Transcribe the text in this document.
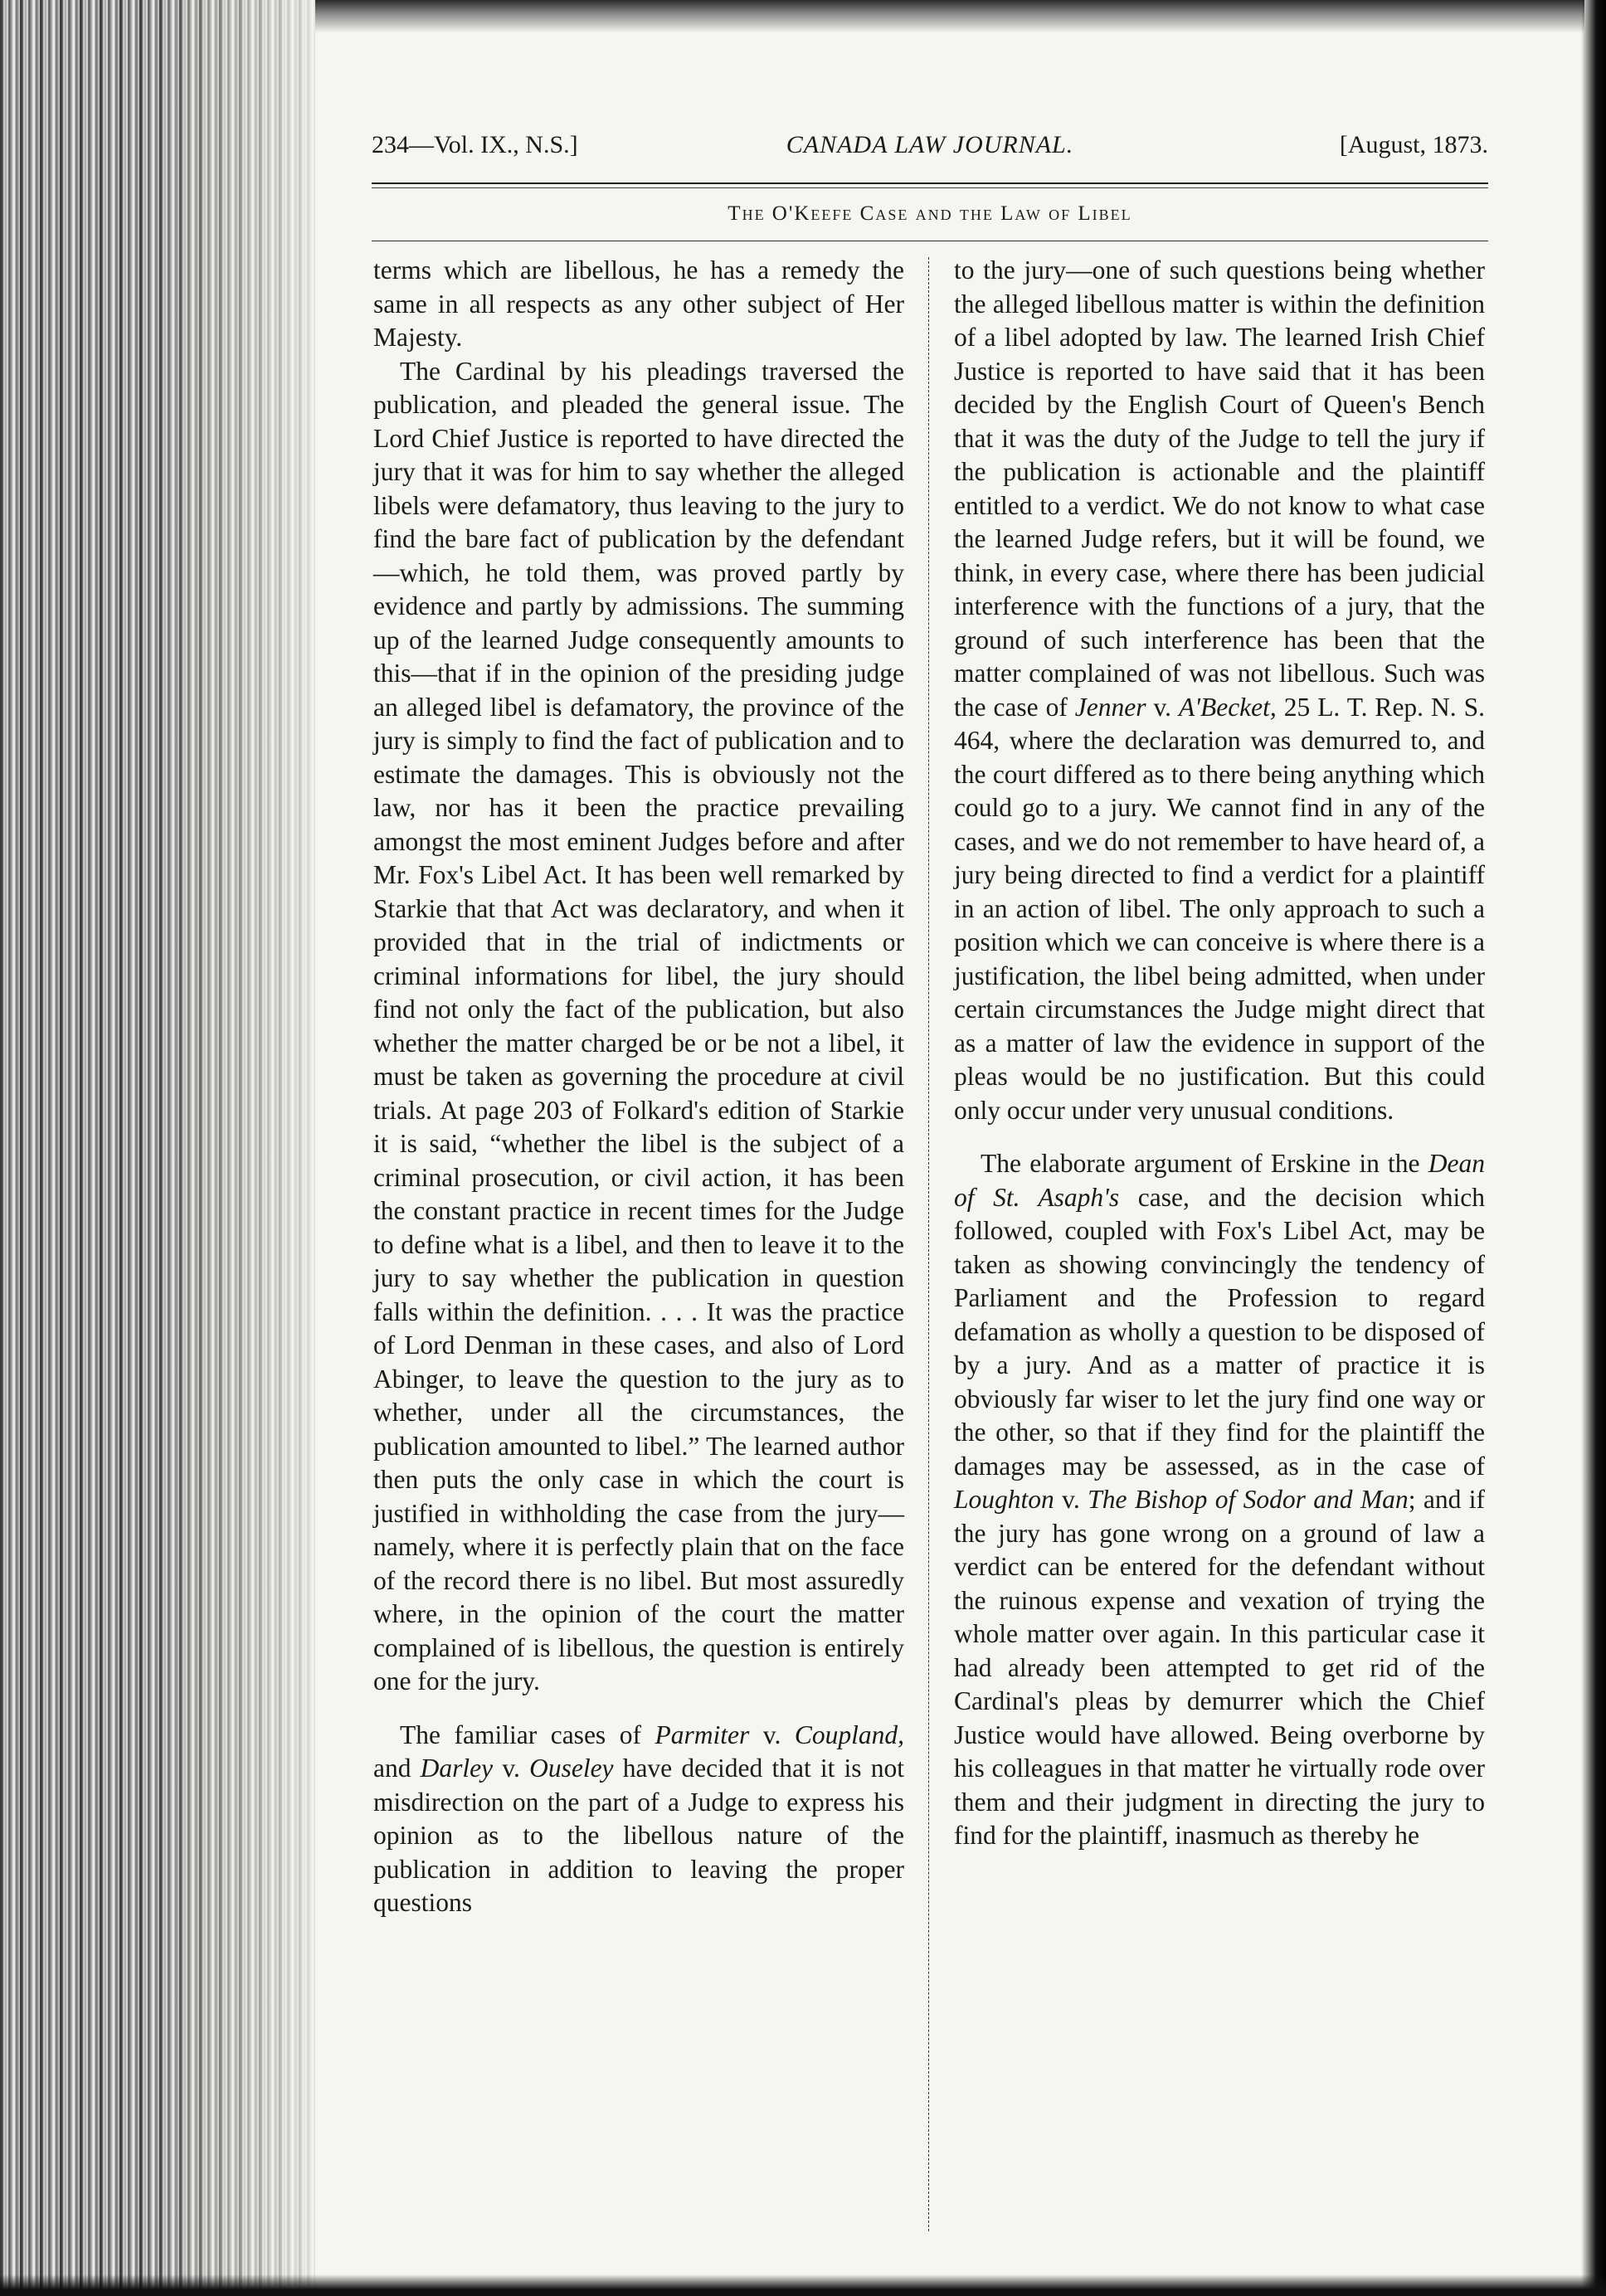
234—Vol. IX., N.S.]	CANADA LAW JOURNAL.	[August, 1873.
The O'Keefe Case and the Law of Libel

terms which are libellous, he has a remedy the same in all respects as any other subject of Her Majesty.

The Cardinal by his pleadings traversed the publication, and pleaded the general issue. The Lord Chief Justice is reported to have directed the jury that it was for him to say whether the alleged libels were defamatory, thus leaving to the jury to find the bare fact of publication by the defendant—which, he told them, was proved partly by evidence and partly by admissions. The summing up of the learned Judge consequently amounts to this—that if in the opinion of the presiding judge an alleged libel is defamatory, the province of the jury is simply to find the fact of publication and to estimate the damages. This is obviously not the law, nor has it been the practice prevailing amongst the most eminent Judges before and after Mr. Fox's Libel Act. It has been well remarked by Starkie that that Act was declaratory, and when it provided that in the trial of indictments or criminal informations for libel, the jury should find not only the fact of the publication, but also whether the matter charged be or be not a libel, it must be taken as governing the procedure at civil trials. At page 203 of Folkard's edition of Starkie it is said, “whether the libel is the subject of a criminal prosecution, or civil action, it has been the constant practice in recent times for the Judge to define what is a libel, and then to leave it to the jury to say whether the publication in question falls within the definition. . . . It was the practice of Lord Denman in these cases, and also of Lord Abinger, to leave the question to the jury as to whether, under all the circumstances, the publication amounted to libel.” The learned author then puts the only case in which the court is justified in withholding the case from the jury—namely, where it is perfectly plain that on the face of the record there is no libel. But most assuredly where, in the opinion of the court the matter complained of is libellous, the question is entirely one for the jury.

The familiar cases of Parmiter v. Coupland, and Darley v. Ouseley have decided that it is not misdirection on the part of a Judge to express his opinion as to the libellous nature of the publication in addition to leaving the proper questions

to the jury—one of such questions being whether the alleged libellous matter is within the definition of a libel adopted by law. The learned Irish Chief Justice is reported to have said that it has been decided by the English Court of Queen's Bench that it was the duty of the Judge to tell the jury if the publication is actionable and the plaintiff entitled to a verdict. We do not know to what case the learned Judge refers, but it will be found, we think, in every case, where there has been judicial interference with the functions of a jury, that the ground of such interference has been that the matter complained of was not libellous. Such was the case of Jenner v. A'Becket, 25 L. T. Rep. N. S. 464, where the declaration was demurred to, and the court differed as to there being anything which could go to a jury. We cannot find in any of the cases, and we do not remember to have heard of, a jury being directed to find a verdict for a plaintiff in an action of libel. The only approach to such a position which we can conceive is where there is a justification, the libel being admitted, when under certain circumstances the Judge might direct that as a matter of law the evidence in support of the pleas would be no justification. But this could only occur under very unusual conditions.

The elaborate argument of Erskine in the Dean of St. Asaph's case, and the decision which followed, coupled with Fox's Libel Act, may be taken as showing convincingly the tendency of Parliament and the Profession to regard defamation as wholly a question to be disposed of by a jury. And as a matter of practice it is obviously far wiser to let the jury find one way or the other, so that if they find for the plaintiff the damages may be assessed, as in the case of Loughton v. The Bishop of Sodor and Man; and if the jury has gone wrong on a ground of law a verdict can be entered for the defendant without the ruinous expense and vexation of trying the whole matter over again. In this particular case it had already been attempted to get rid of the Cardinal's pleas by demurrer which the Chief Justice would have allowed. Being overborne by his colleagues in that matter he virtually rode over them and their judgment in directing the jury to find for the plaintiff, inasmuch as thereby he
